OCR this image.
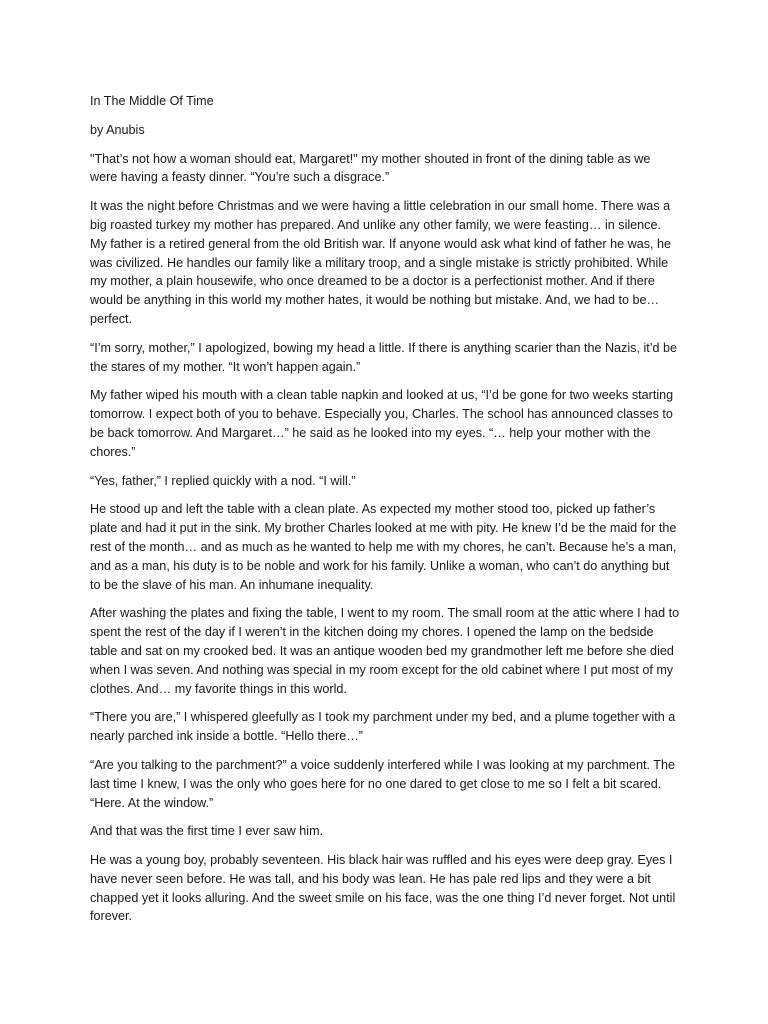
In The Middle Of Time

by Anubis

"That’s not how a woman should eat, Margaret!" my mother shouted in front of the dining table as we were having a feasty dinner. “You’re such a disgrace.”

It was the night before Christmas and we were having a little celebration in our small home. There was a big roasted turkey my mother has prepared. And unlike any other family, we were feasting… in silence. My father is a retired general from the old British war. If anyone would ask what kind of father he was, he was civilized. He handles our family like a military troop, and a single mistake is strictly prohibited. While my mother, a plain housewife, who once dreamed to be a doctor is a perfectionist mother. And if there would be anything in this world my mother hates, it would be nothing but mistake. And, we had to be… perfect.

“I’m sorry, mother,” I apologized, bowing my head a little. If there is anything scarier than the Nazis, it’d be the stares of my mother. “It won’t happen again.”

My father wiped his mouth with a clean table napkin and looked at us, “I’d be gone for two weeks starting tomorrow. I expect both of you to behave. Especially you, Charles. The school has announced classes to be back tomorrow. And Margaret…” he said as he looked into my eyes. “… help your mother with the chores.”

“Yes, father,” I replied quickly with a nod. “I will.”

He stood up and left the table with a clean plate. As expected my mother stood too, picked up father’s plate and had it put in the sink. My brother Charles looked at me with pity. He knew I’d be the maid for the rest of the month… and as much as he wanted to help me with my chores, he can’t. Because he’s a man, and as a man, his duty is to be noble and work for his family. Unlike a woman, who can’t do anything but to be the slave of his man. An inhumane inequality.

After washing the plates and fixing the table, I went to my room. The small room at the attic where I had to spent the rest of the day if I weren’t in the kitchen doing my chores. I opened the lamp on the bedside table and sat on my crooked bed. It was an antique wooden bed my grandmother left me before she died when I was seven. And nothing was special in my room except for the old cabinet where I put most of my clothes. And… my favorite things in this world.

“There you are,” I whispered gleefully as I took my parchment under my bed, and a plume together with a nearly parched ink inside a bottle. “Hello there…”

“Are you talking to the parchment?” a voice suddenly interfered while I was looking at my parchment. The last time I knew, I was the only who goes here for no one dared to get close to me so I felt a bit scared. “Here. At the window.”

And that was the first time I ever saw him.

He was a young boy, probably seventeen. His black hair was ruffled and his eyes were deep gray. Eyes I have never seen before. He was tall, and his body was lean. He has pale red lips and they were a bit chapped yet it looks alluring. And the sweet smile on his face, was the one thing I’d never forget. Not until forever.
